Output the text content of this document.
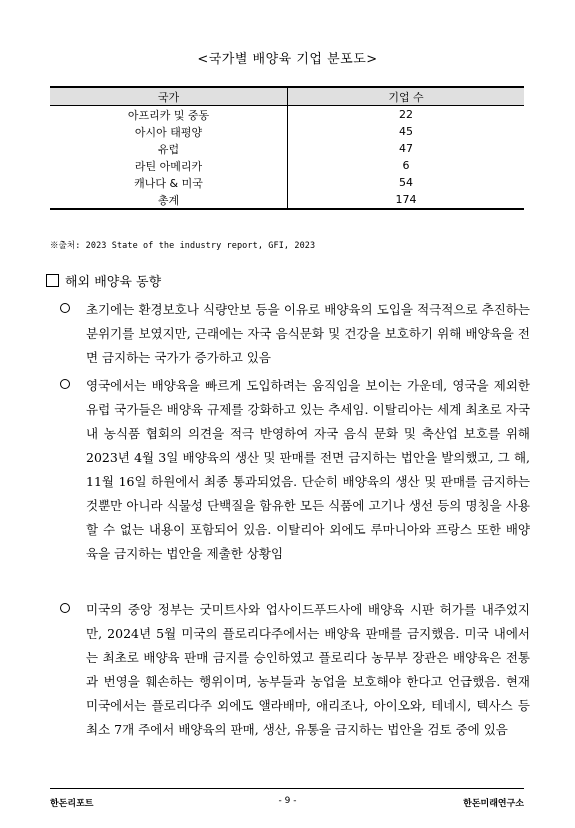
<국가별 배양육 기업 분포도>
국가	기업 수
아프리카 및 중동	22
아시아 태평양	45
유럽	47
라틴 아메리카	6
캐나다 & 미국	54
총계	174
※출처: 2023 State of the industry report, GFI, 2023
해외 배양육 동향
초기에는 환경보호나 식량안보 등을 이유로 배양육의 도입을 적극적으로 추진하는 분위기를 보였지만, 근래에는 자국 음식문화 및 건강을 보호하기 위해 배양육을 전면 금지하는 국가가 증가하고 있음
영국에서는 배양육을 빠르게 도입하려는 움직임을 보이는 가운데, 영국을 제외한 유럽 국가들은 배양육 규제를 강화하고 있는 추세임. 이탈리아는 세계 최초로 자국 내 농식품 협회의 의견을 적극 반영하여 자국 음식 문화 및 축산업 보호를 위해 2023년 4월 3일 배양육의 생산 및 판매를 전면 금지하는 법안을 발의했고, 그 해, 11월 16일 하원에서 최종 통과되었음. 단순히 배양육의 생산 및 판매를 금지하는 것뿐만 아니라 식물성 단백질을 함유한 모든 식품에 고기나 생선 등의 명칭을 사용할 수 없는 내용이 포함되어 있음. 이탈리아 외에도 루마니아와 프랑스 또한 배양육을 금지하는 법안을 제출한 상황임
미국의 중앙 정부는 굿미트사와 업사이드푸드사에 배양육 시판 허가를 내주었지만, 2024년 5월 미국의 플로리다주에서는 배양육 판매를 금지했음. 미국 내에서는 최초로 배양육 판매 금지를 승인하였고 플로리다 농무부 장관은 배양육은 전통과 번영을 훼손하는 행위이며, 농부들과 농업을 보호해야 한다고 언급했음. 현재 미국에서는 플로리다주 외에도 앨라배마, 애리조나, 아이오와, 테네시, 텍사스 등 최소 7개 주에서 배양육의 판매, 생산, 유통을 금지하는 법안을 검토 중에 있음
한돈리포트	- 9 -	한돈미래연구소
